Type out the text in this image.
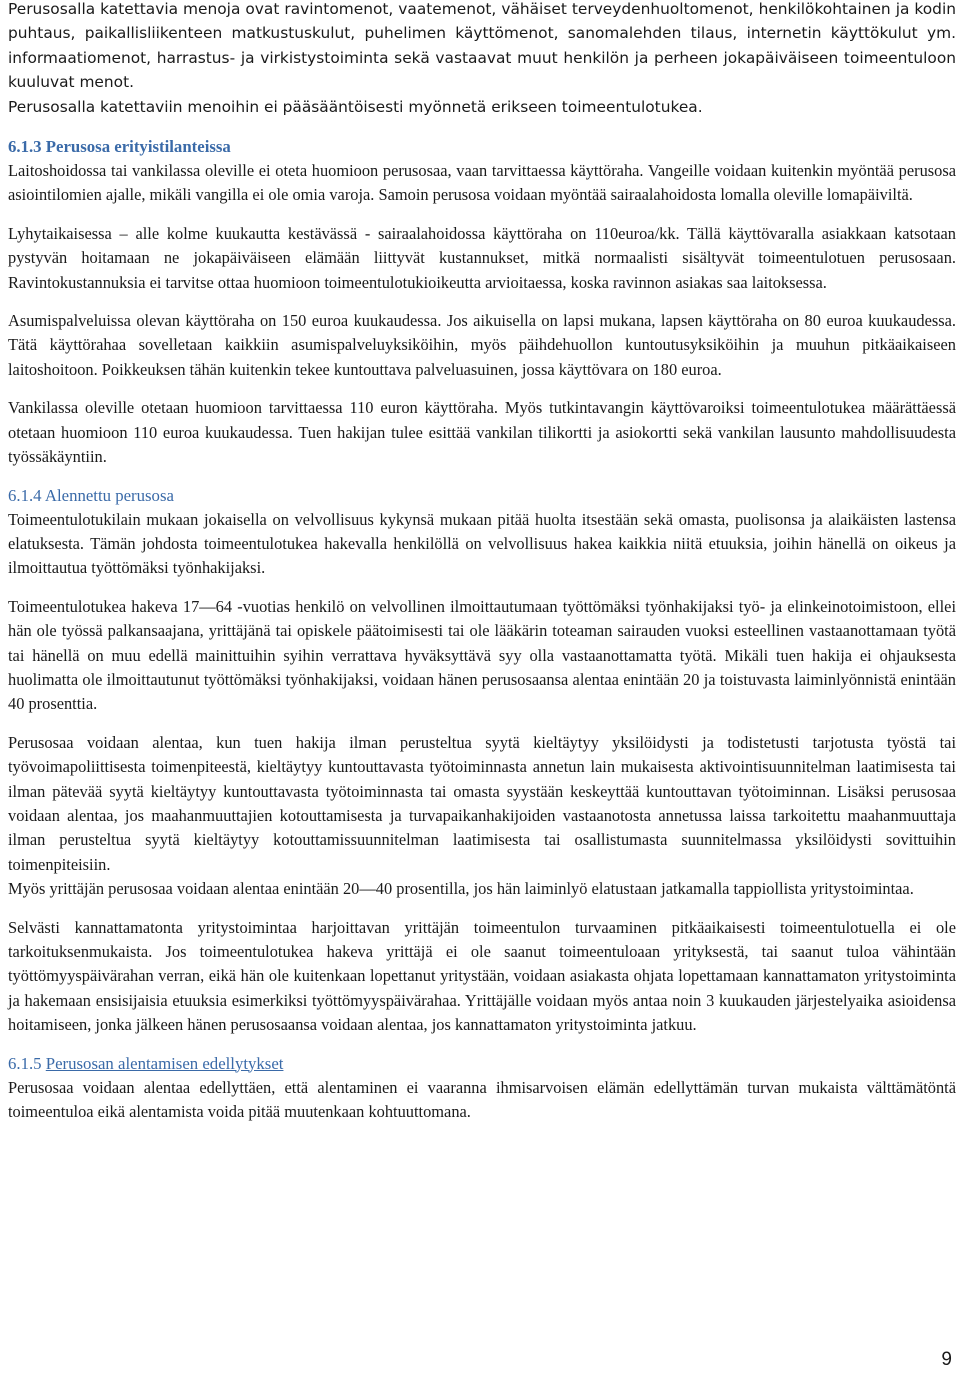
Perusosalla katettavia menoja ovat ravintomenot, vaatemenot, vähäiset terveydenhuoltomenot, henkilökohtainen ja kodin puhtaus, paikallisliikenteen matkustuskulut, puhelimen käyttömenot, sanomalehden tilaus, internetin käyttökulut ym. informaatiomenot, harrastus- ja virkistystoiminta sekä vastaavat muut henkilön ja perheen jokapäiväiseen toimeentuloon kuuluvat menot.

Perusosalla katettaviin menoihin ei pääsääntöisesti myönnetä erikseen toimeentulotukea.

6.1.3 Perusosa erityistilanteissa

Laitoshoidossa tai vankilassa oleville ei oteta huomioon perusosaa, vaan tarvittaessa käyttöraha. Vangeille voidaan kuitenkin myöntää perusosa asiointilomien ajalle, mikäli vangilla ei ole omia varoja. Samoin perusosa voidaan myöntää sairaalahoidosta lomalla oleville lomapäiviltä.

Lyhytaikaisessa – alle kolme kuukautta kestävässä - sairaalahoidossa käyttöraha on 110euroa/kk. Tällä käyttövaralla asiakkaan katsotaan pystyvän hoitamaan ne jokapäiväiseen elämään liittyvät kustannukset, mitkä normaalisti sisältyvät toimeentulotuen perusosaan. Ravintokustannuksia ei tarvitse ottaa huomioon toimeentulotukioikeutta arvioitaessa, koska ravinnon asiakas saa laitoksessa.

Asumispalveluissa olevan käyttöraha on 150 euroa kuukaudessa. Jos aikuisella on lapsi mukana, lapsen käyttöraha on 80 euroa kuukaudessa. Tätä käyttörahaa sovelletaan kaikkiin asumispalveluyksiköihin, myös päihdehuollon kuntoutusyksiköihin ja muuhun pitkäaikaiseen laitoshoitoon. Poikkeuksen tähän kuitenkin tekee kuntouttava palveluasuinen, jossa käyttövara on 180 euroa.

Vankilassa oleville otetaan huomioon tarvittaessa 110 euron käyttöraha. Myös tutkintavangin käyttövaroiksi toimeentulotukea määrättäessä otetaan huomioon 110 euroa kuukaudessa. Tuen hakijan tulee esittää vankilan tilikortti ja asiokortti sekä vankilan lausunto mahdollisuudesta työssäkäyntiin.

6.1.4 Alennettu perusosa

Toimeentulotukilain mukaan jokaisella on velvollisuus kykynsä mukaan pitää huolta itsestään sekä omasta, puolisonsa ja alaikäisten lastensa elatuksesta. Tämän johdosta toimeentulotukea hakevalla henkilöllä on velvollisuus hakea kaikkia niitä etuuksia, joihin hänellä on oikeus ja ilmoittautua työttömäksi työnhakijaksi.

Toimeentulotukea hakeva 17—64 -vuotias henkilö on velvollinen ilmoittautumaan työttömäksi työnhakijaksi työ- ja elinkeinotoimistoon, ellei hän ole työssä palkansaajana, yrittäjänä tai opiskele päätoimisesti tai ole lääkärin toteaman sairauden vuoksi esteellinen vastaanottamaan työtä tai hänellä on muu edellä mainittuihin syihin verrattava hyväksyttävä syy olla vastaanottamatta työtä. Mikäli tuen hakija ei ohjauksesta huolimatta ole ilmoittautunut työttömäksi työnhakijaksi, voidaan hänen perusosaansa alentaa enintään 20 ja toistuvasta laiminlyönnistä enintään 40 prosenttia.

Perusosaa voidaan alentaa, kun tuen hakija ilman perusteltua syytä kieltäytyy yksilöidysti ja todistetusti tarjotusta työstä tai työvoimapoliittisesta toimenpiteestä, kieltäytyy kuntouttavasta työtoiminnasta annetun lain mukaisesta aktivointisuunnitelman laatimisesta tai ilman pätevää syytä kieltäytyy kuntouttavasta työtoiminnasta tai omasta syystään keskeyttää kuntouttavan työtoiminnan. Lisäksi perusosaa voidaan alentaa, jos maahanmuuttajien kotouttamisesta ja turvapaikanhakijoiden vastaanotosta annetussa laissa tarkoitettu maahanmuuttaja ilman perusteltua syytä kieltäytyy kotouttamissuunnitelman laatimisesta tai osallistumasta suunnitelmassa yksilöidysti sovittuihin toimenpiteisiin.

Myös yrittäjän perusosaa voidaan alentaa enintään 20—40 prosentilla, jos hän laiminlyö elatustaan jatkamalla tappiollista yritystoimintaa.

Selvästi kannattamatonta yritystoimintaa harjoittavan yrittäjän toimeentulon turvaaminen pitkäaikaisesti toimeentulotuella ei ole tarkoituksenmukaista. Jos toimeentulotukea hakeva yrittäjä ei ole saanut toimeentuloaan yrityksestä, tai saanut tuloa vähintään työttömyyspäivärahan verran, eikä hän ole kuitenkaan lopettanut yritystään, voidaan asiakasta ohjata lopettamaan kannattamaton yritystoiminta ja hakemaan ensisijaisia etuuksia esimerkiksi työttömyyspäivärahaa. Yrittäjälle voidaan myös antaa noin 3 kuukauden järjestelyaika asioidensa hoitamiseen, jonka jälkeen hänen perusosaansa voidaan alentaa, jos kannattamaton yritystoiminta jatkuu.

6.1.5 Perusosan alentamisen edellytykset

Perusosaa voidaan alentaa edellyttäen, että alentaminen ei vaaranna ihmisarvoisen elämän edellyttämän turvan mukaista välttämätöntä toimeentuloa eikä alentamista voida pitää muutenkaan kohtuuttomana.

9
